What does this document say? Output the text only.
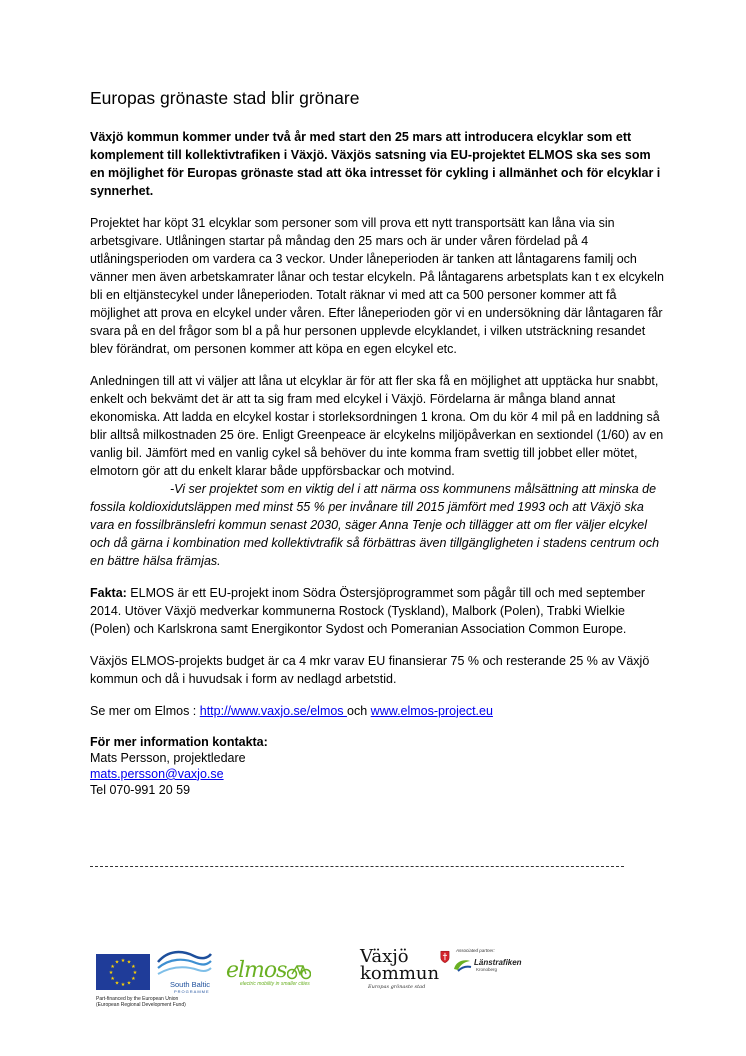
Europas grönaste stad blir grönare

Växjö kommun kommer under två år med start den 25 mars att introducera elcyklar som ett komplement till kollektivtrafiken i Växjö. Växjös satsning via EU-projektet ELMOS ska ses som en möjlighet för Europas grönaste stad att öka intresset för cykling i allmänhet och för elcyklar i synnerhet.

Projektet har köpt 31 elcyklar som personer som vill prova ett nytt transportsätt kan låna via sin arbetsgivare. Utlåningen startar på måndag den 25 mars och är under våren fördelad på 4 utlåningsperioden om vardera ca 3 veckor. Under låneperioden är tanken att låntagarens familj och vänner men även arbetskamrater lånar och testar elcykeln. På låntagarens arbetsplats kan t ex elcykeln bli en eltjänstecykel under låneperioden. Totalt räknar vi med att ca 500 personer kommer att få möjlighet att prova en elcykel under våren. Efter låneperioden gör vi en undersökning där låntagaren får svara på en del frågor som bl a på hur personen upplevde elcyklandet, i vilken utsträckning resandet blev förändrat, om personen kommer att köpa en egen elcykel etc.

Anledningen till att vi väljer att låna ut elcyklar är för att fler ska få en möjlighet att upptäcka hur snabbt, enkelt och bekvämt det är att ta sig fram med elcykel i Växjö. Fördelarna är många bland annat ekonomiska. Att ladda en elcykel kostar i storleksordningen 1 krona. Om du kör 4 mil på en laddning så blir alltså milkostnaden 25 öre. Enligt Greenpeace är elcykelns miljöpåverkan en sextiondel (1/60) av en vanlig bil. Jämfört med en vanlig cykel så behöver du inte komma fram svettig till jobbet eller mötet, elmotorn gör att du enkelt klarar både uppförsbackar och motvind.

-Vi ser projektet som en viktig del i att närma oss kommunens målsättning att minska de fossila koldioxidutsläppen med minst 55 % per invånare till 2015 jämfört med 1993 och att Växjö ska vara en fossilbränslefri kommun senast 2030, säger Anna Tenje och tillägger att om fler väljer elcykel och då gärna i kombination med kollektivtrafik så förbättras även tillgängligheten i stadens centrum och en bättre hälsa främjas.

Fakta: ELMOS är ett EU-projekt inom Södra Östersjöprogrammet som pågår till och med september 2014. Utöver Växjö medverkar kommunerna Rostock (Tyskland), Malbork (Polen), Trabki Wielkie (Polen) och Karlskrona samt Energikontor Sydost och Pomeranian Association Common Europe.

Växjös ELMOS-projekts budget är ca 4 mkr varav EU finansierar 75 % och resterande 25 % av Växjö kommun och då i huvudsak i form av nedlagd arbetstid.

Se mer om Elmos : http://www.vaxjo.se/elmos och www.elmos-project.eu

För mer information kontakta:

Mats Persson, projektledare

mats.persson@vaxjo.se

Tel 070-991 20 59

★ ★
★
★
★
★
★
★
★
★
★
★
South Baltic
PROGRAMME
Part-financed by the European Union
(European Regional Development Fund)
elmos
electric mobility in smaller cities
Växjö
kommun
Europas grönaste stad
Associated partner:
Länstrafiken
Kronoberg
